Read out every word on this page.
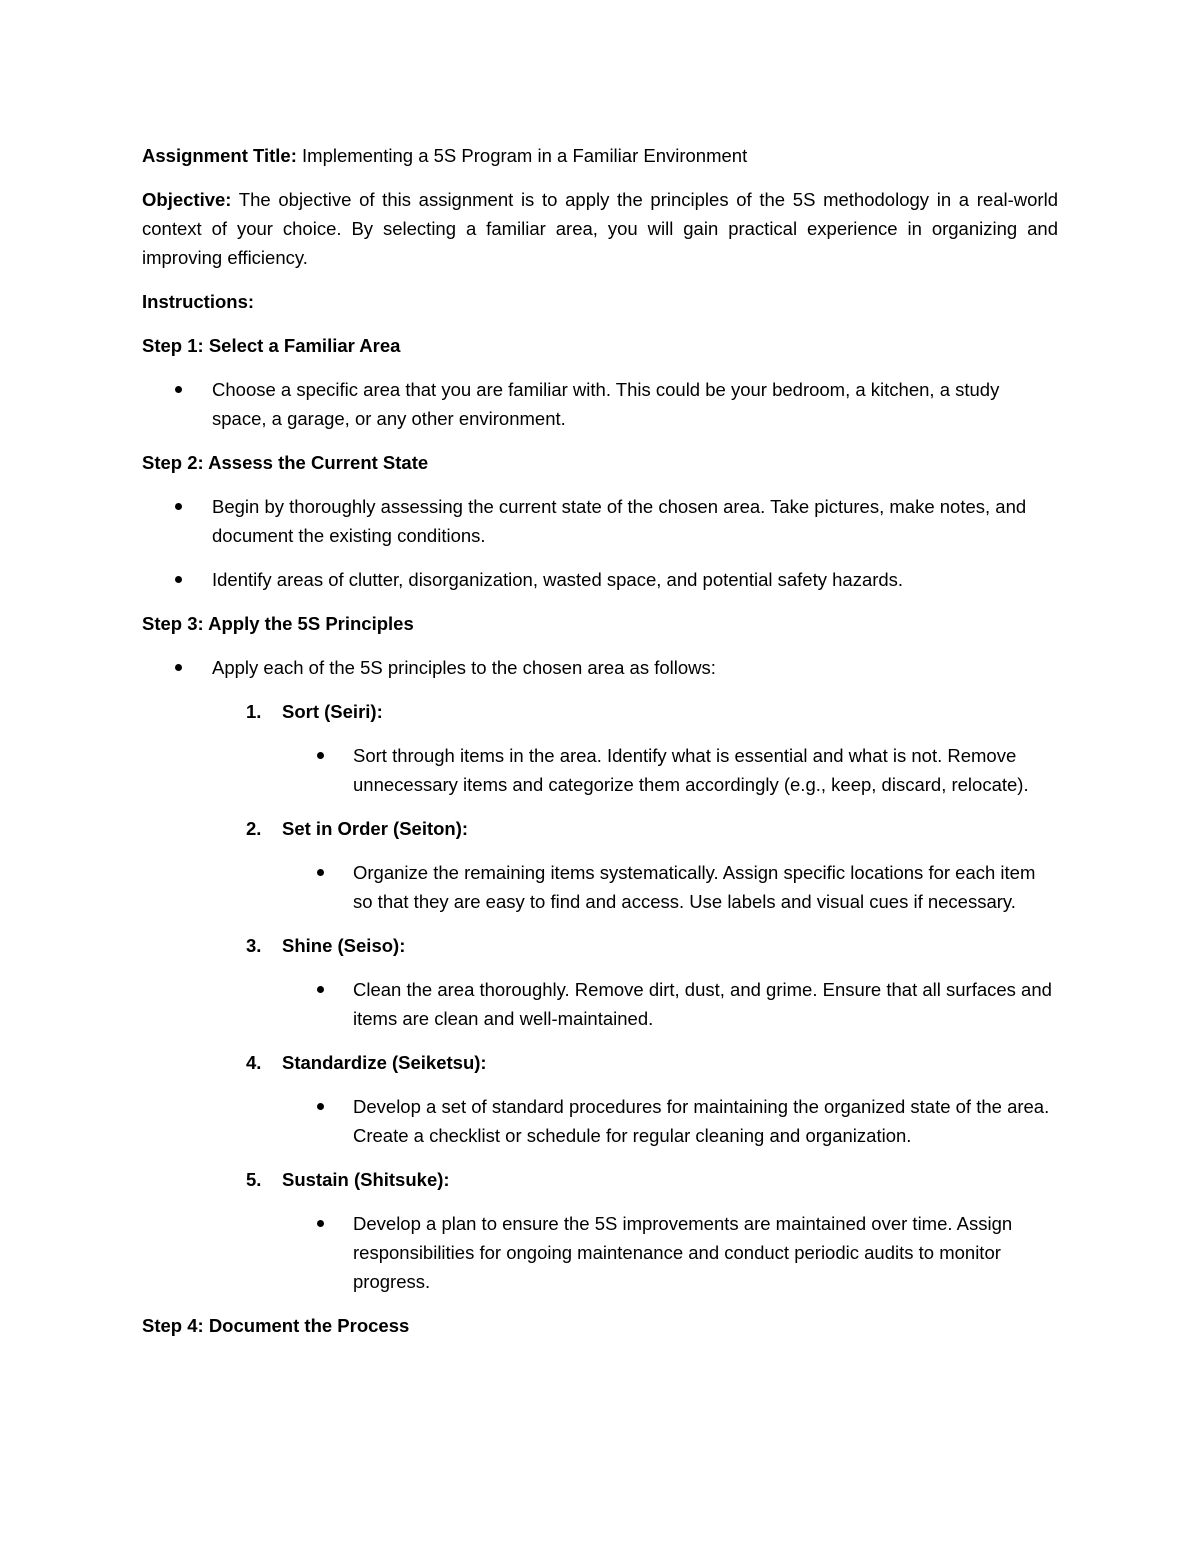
Assignment Title: Implementing a 5S Program in a Familiar Environment

Objective: The objective of this assignment is to apply the principles of the 5S methodology in a real-world context of your choice. By selecting a familiar area, you will gain practical experience in organizing and improving efficiency.

Instructions:

Step 1: Select a Familiar Area

Choose a specific area that you are familiar with. This could be your bedroom, a kitchen, a study space, a garage, or any other environment.

Step 2: Assess the Current State

Begin by thoroughly assessing the current state of the chosen area. Take pictures, make notes, and document the existing conditions.
Identify areas of clutter, disorganization, wasted space, and potential safety hazards.

Step 3: Apply the 5S Principles

Apply each of the 5S principles to the chosen area as follows:
1. Sort (Seiri):
Sort through items in the area. Identify what is essential and what is not. Remove unnecessary items and categorize them accordingly (e.g., keep, discard, relocate).
2. Set in Order (Seiton):
Organize the remaining items systematically. Assign specific locations for each item so that they are easy to find and access. Use labels and visual cues if necessary.
3. Shine (Seiso):
Clean the area thoroughly. Remove dirt, dust, and grime. Ensure that all surfaces and items are clean and well-maintained.
4. Standardize (Seiketsu):
Develop a set of standard procedures for maintaining the organized state of the area. Create a checklist or schedule for regular cleaning and organization.
5. Sustain (Shitsuke):
Develop a plan to ensure the 5S improvements are maintained over time. Assign responsibilities for ongoing maintenance and conduct periodic audits to monitor progress.

Step 4: Document the Process
